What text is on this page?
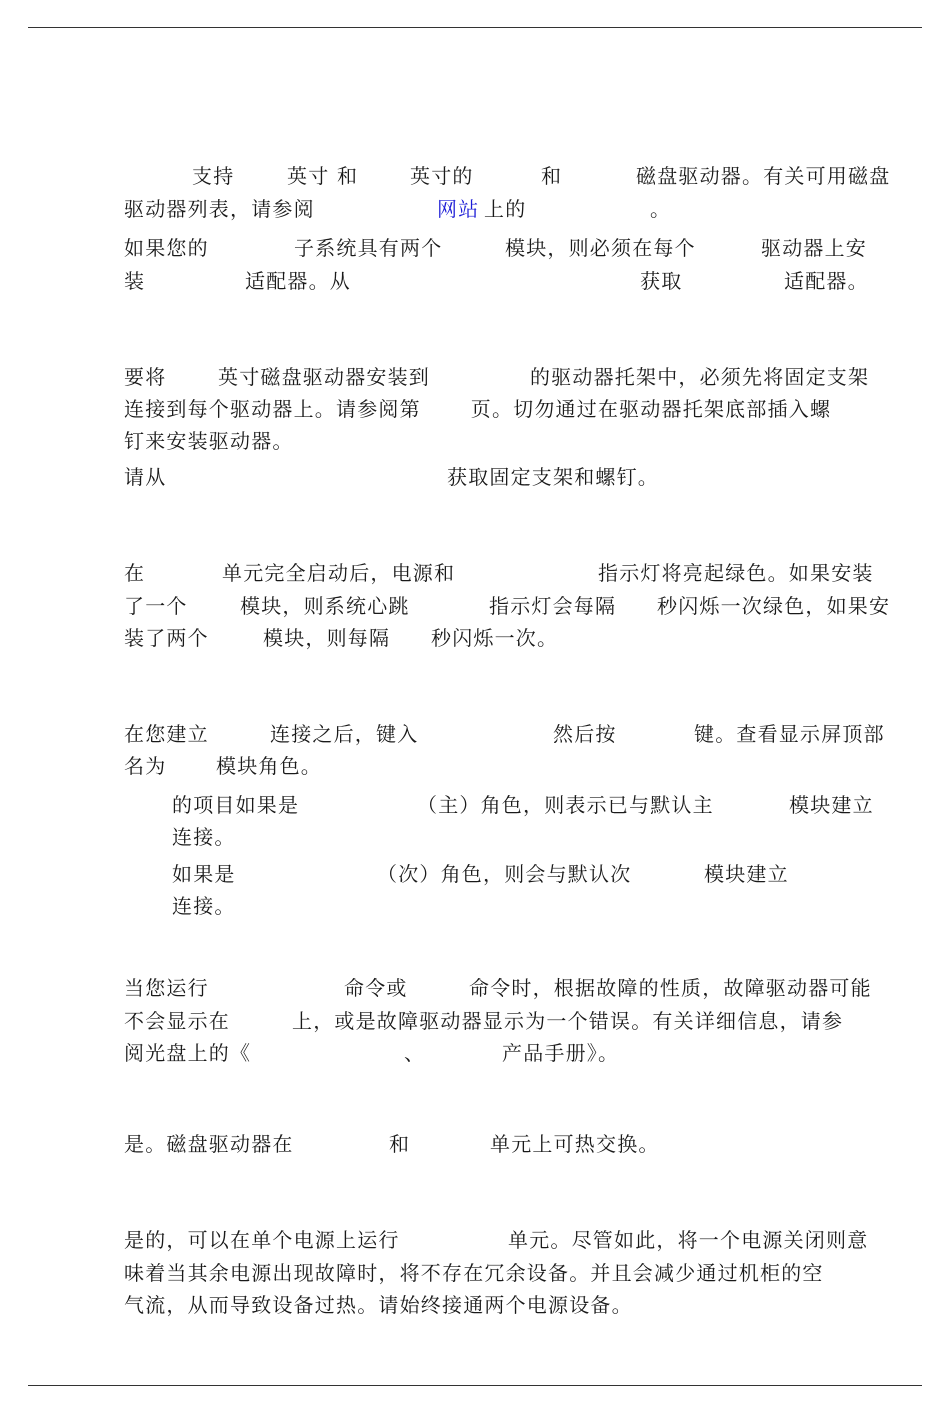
支持	英寸 和	英寸的	和	磁盘驱动器。有关可用磁盘
驱动器列表，请参阅	网站 上的	。
如果您的	子系统具有两个	模块，则必须在每个	驱动器上安
装	适配器。从	获取	适配器。
要将	英寸磁盘驱动器安装到	的驱动器托架中，必须先将固定支架
连接到每个驱动器上。请参阅第　　 页。切勿通过在驱动器托架底部插入螺
钉来安装驱动器。
请从	获取固定支架和螺钉。
在	单元完全启动后，电源和	指示灯将亮起绿色。如果安装
了一个	模块，则系统心跳	指示灯会每隔 秒闪烁一次绿色，如果安
装了两个	模块，则每隔 秒闪烁一次。
在您建立	连接之后，键入	然后按	键。查看显示屏顶部
名为 模块角色。
的项目如果是	（主）角色，则表示已与默认主	模块建立
连接。
如果是	（次）角色，则会与默认次	模块建立
连接。
当您运行	命令或	命令时，根据故障的性质，故障驱动器可能
不会显示在	上，或是故障驱动器显示为一个错误。有关详细信息，请参
阅光盘上的《	、	产品手册》。
是。磁盘驱动器在	和	单元上可热交换。
是的，可以在单个电源上运行	单元。尽管如此，将一个电源关闭则意
味着当其余电源出现故障时，将不存在冗余设备。并且会减少通过机柜的空
气流，从而导致设备过热。请始终接通两个电源设备。
